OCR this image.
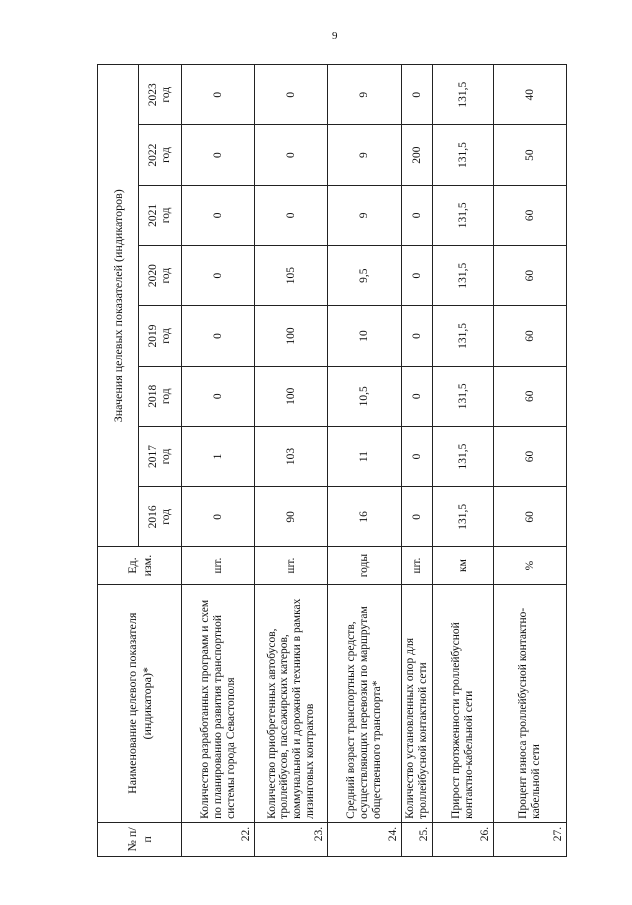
9
№ п/п	Наименование целевого показателя (индикатора)*	Ед. изм.	Значения целевых показателей (индикаторов)							

			2016 год	2017 год	2018 год	2019 год	2020 год	2021 год	2022 год	2023 год

22.	Количество разработанных программ и схем по планированию развития транспортной системы города Севастополя	шт.	0	1	0	0	0	0	0	0
23.	Количество приобретенных автобусов, троллейбусов, пассажирских катеров, коммунальной и дорожной техники в рамках лизинговых контрактов	шт.	90	103	100	100	105	0	0	0
24.	Средний возраст транспортных средств, осуществляющих перевозки по маршрутам общественного транспорта*	годы	16	11	10,5	10	9,5	9	9	9
25.	Количество установленных опор для троллейбусной контактной сети	шт.	0	0	0	0	0	0	200	0
26.	Прирост протяженности троллейбусной контактно-кабельной сети	км	131,5	131,5	131,5	131,5	131,5	131,5	131,5	131,5
27.	Процент износа троллейбусной контактно-кабельной сети	%	60	60	60	60	60	60	50	40
